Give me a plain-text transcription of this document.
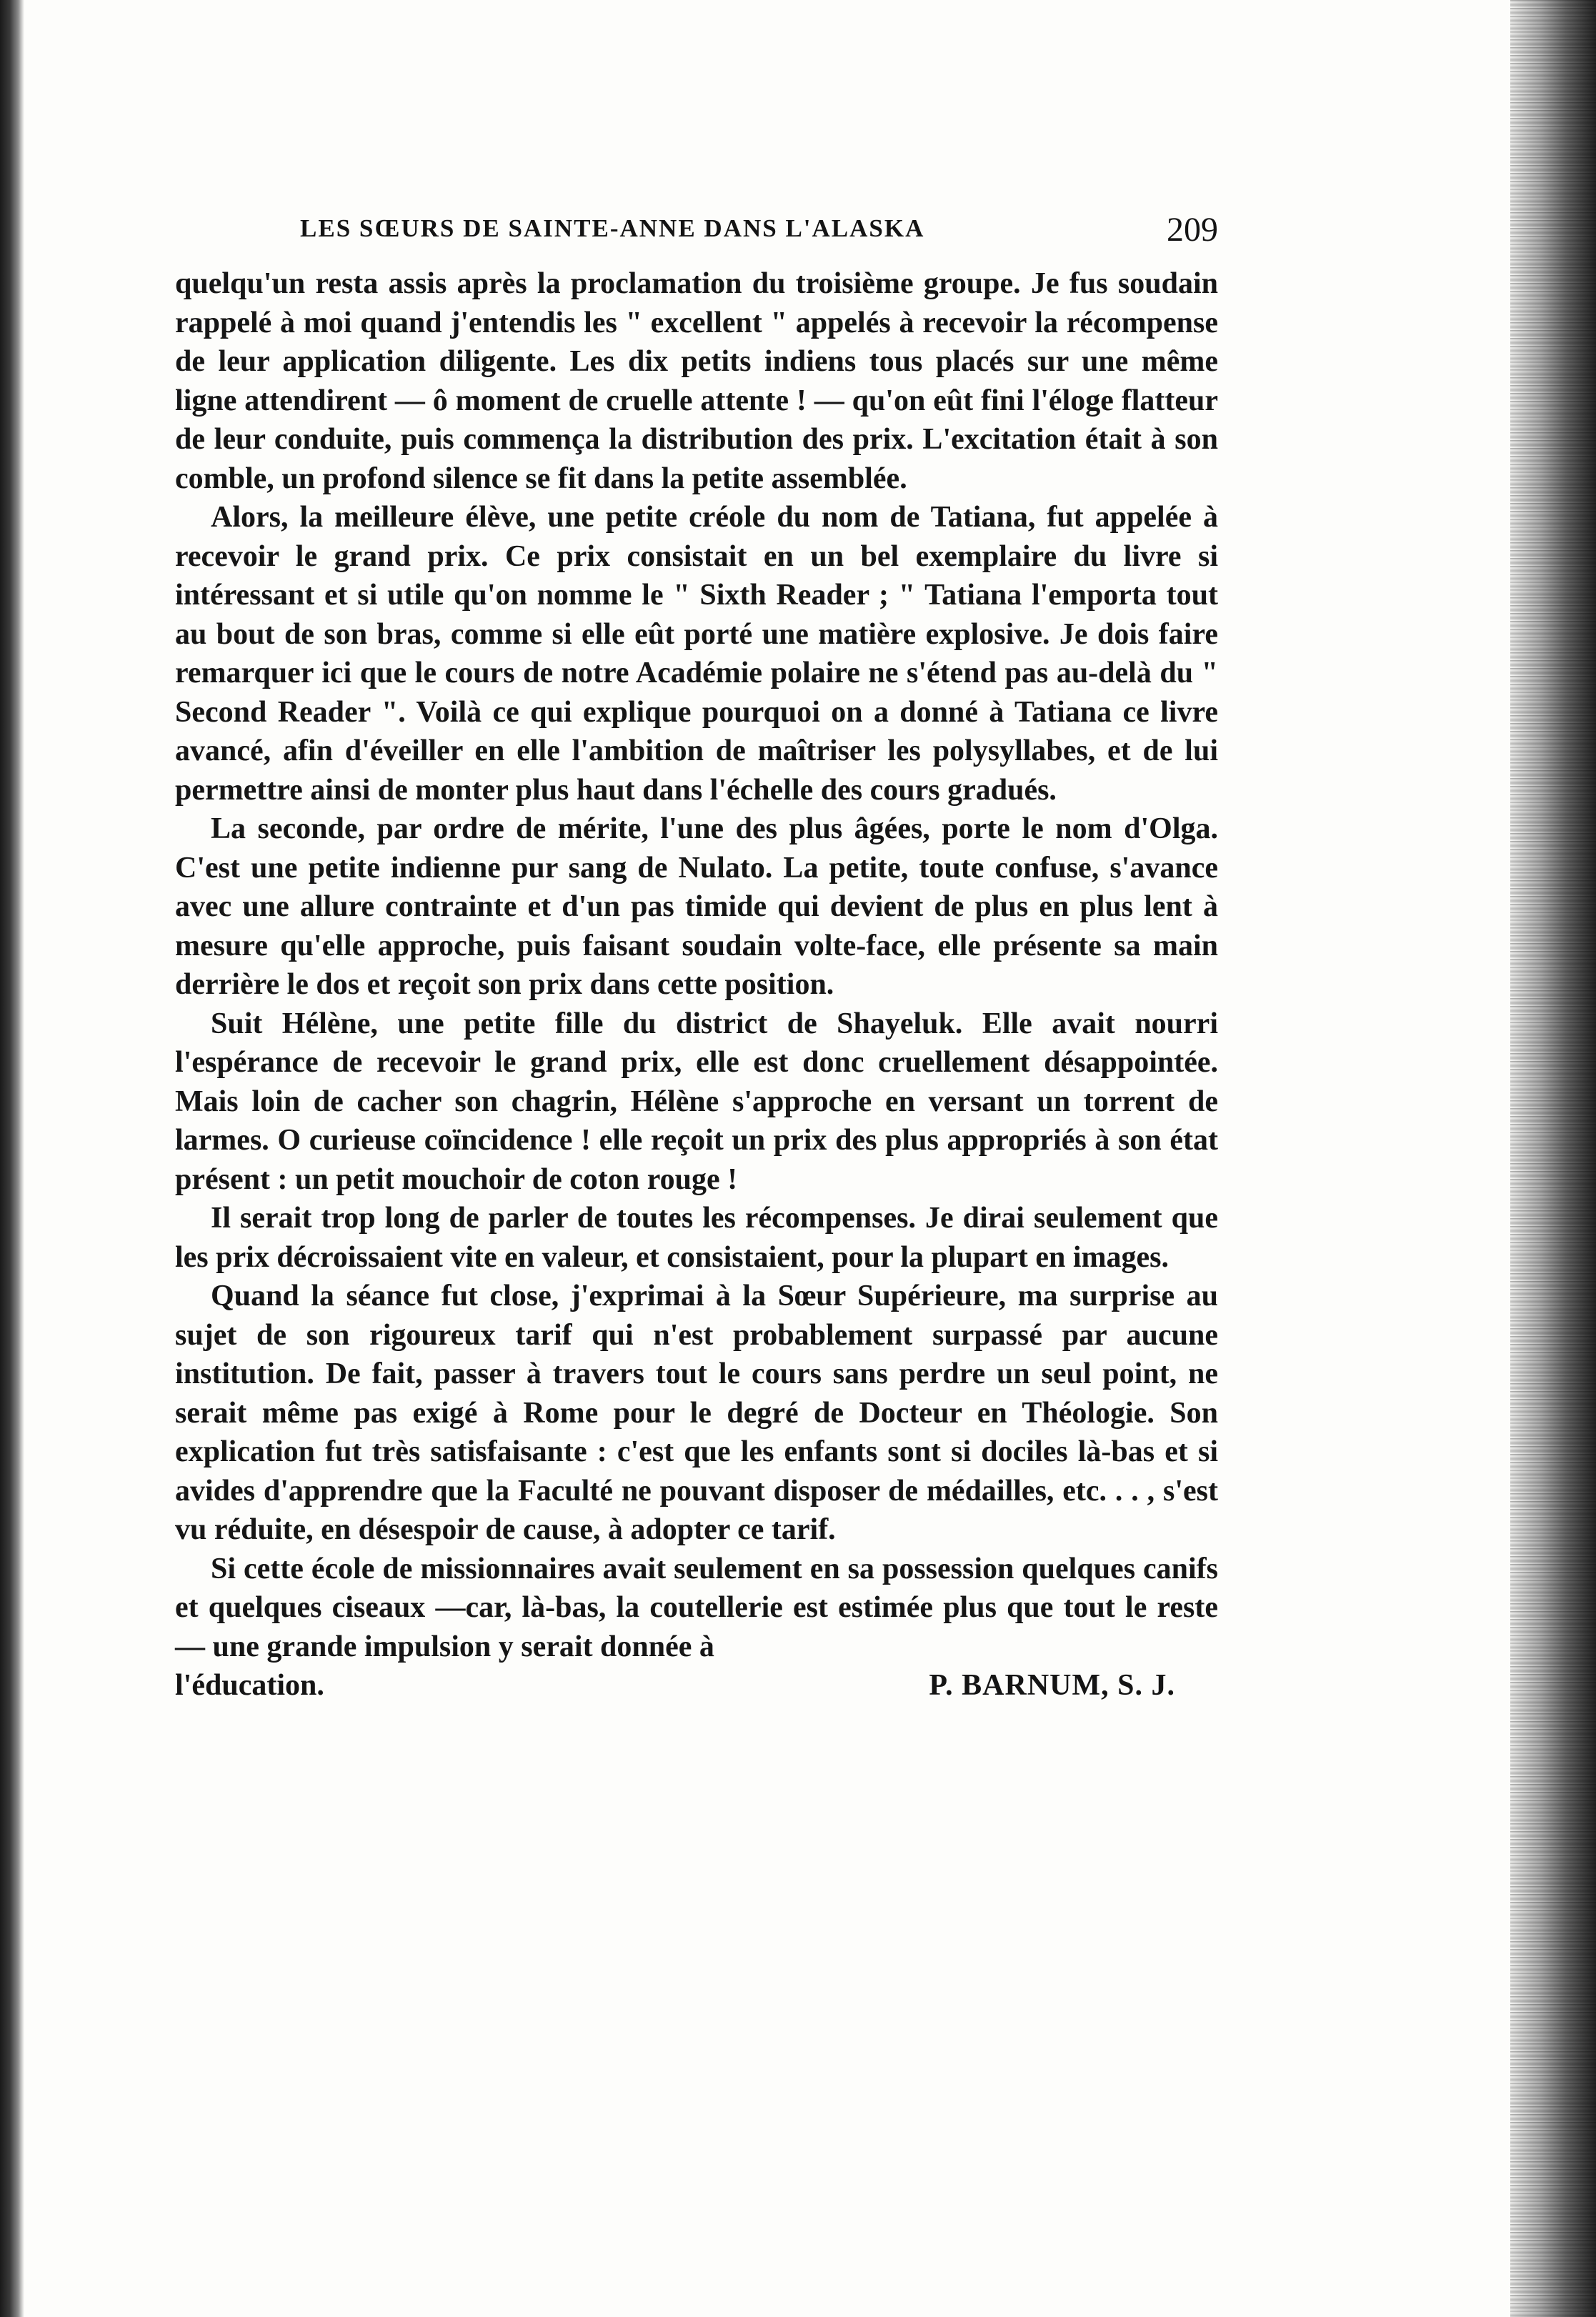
LES SŒURS DE SAINTE-ANNE DANS L'ALASKA	209

quelqu'un resta assis après la proclamation du troisième groupe. Je fus soudain rappelé à moi quand j'entendis les " excellent " appelés à recevoir la récompense de leur application diligente. Les dix petits indiens tous placés sur une même ligne attendirent — ô moment de cruelle attente ! — qu'on eût fini l'éloge flatteur de leur conduite, puis commença la distribution des prix. L'excitation était à son comble, un profond silence se fit dans la petite assemblée.

Alors, la meilleure élève, une petite créole du nom de Tatiana, fut appelée à recevoir le grand prix. Ce prix consistait en un bel exemplaire du livre si intéressant et si utile qu'on nomme le " Sixth Reader ; " Tatiana l'emporta tout au bout de son bras, comme si elle eût porté une matière explosive. Je dois faire remarquer ici que le cours de notre Académie polaire ne s'étend pas au-delà du " Second Reader ". Voilà ce qui explique pourquoi on a donné à Tatiana ce livre avancé, afin d'éveiller en elle l'ambition de maîtriser les polysyllabes, et de lui permettre ainsi de monter plus haut dans l'échelle des cours gradués.

La seconde, par ordre de mérite, l'une des plus âgées, porte le nom d'Olga. C'est une petite indienne pur sang de Nulato. La petite, toute confuse, s'avance avec une allure contrainte et d'un pas timide qui devient de plus en plus lent à mesure qu'elle approche, puis faisant soudain volte-face, elle présente sa main derrière le dos et reçoit son prix dans cette position.

Suit Hélène, une petite fille du district de Shayeluk. Elle avait nourri l'espérance de recevoir le grand prix, elle est donc cruellement désappointée. Mais loin de cacher son chagrin, Hélène s'approche en versant un torrent de larmes. O curieuse coïncidence ! elle reçoit un prix des plus appropriés à son état présent : un petit mouchoir de coton rouge !

Il serait trop long de parler de toutes les récompenses. Je dirai seulement que les prix décroissaient vite en valeur, et consistaient, pour la plupart en images.

Quand la séance fut close, j'exprimai à la Sœur Supérieure, ma surprise au sujet de son rigoureux tarif qui n'est probablement surpassé par aucune institution. De fait, passer à travers tout le cours sans perdre un seul point, ne serait même pas exigé à Rome pour le degré de Docteur en Théologie. Son explication fut très satisfaisante : c'est que les enfants sont si dociles là-bas et si avides d'apprendre que la Faculté ne pouvant disposer de médailles, etc. . . , s'est vu réduite, en désespoir de cause, à adopter ce tarif.

Si cette école de missionnaires avait seulement en sa possession quelques canifs et quelques ciseaux —car, là-bas, la coutellerie est estimée plus que tout le reste — une grande impulsion y serait donnée à

l'éducation.	P. BARNUM, S. J.
